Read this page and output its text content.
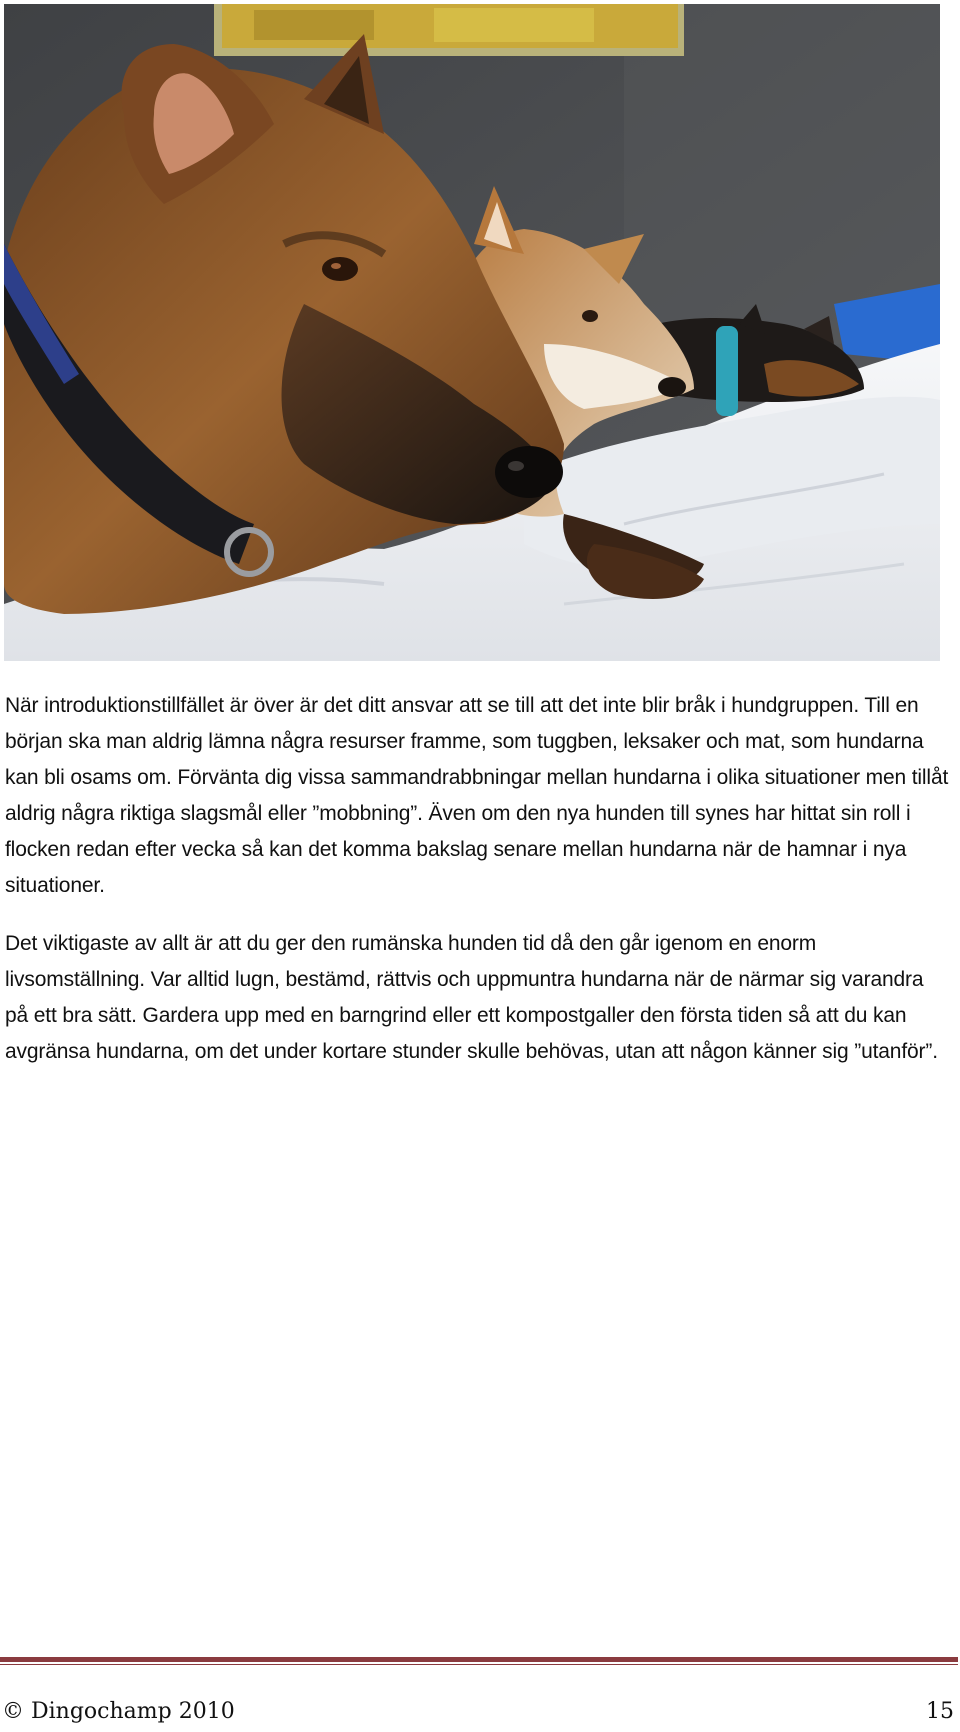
När introduktionstillfället är över är det ditt ansvar att se till att det inte blir bråk i hundgruppen. Till en början ska man aldrig lämna några resurser framme, som tuggben, leksaker och mat, som hundarna kan bli osams om. Förvänta dig vissa sammandrabbningar mellan hundarna i olika situationer men tillåt aldrig några riktiga slagsmål eller ”mobbning”. Även om den nya hunden till synes har hittat sin roll i flocken redan efter vecka så kan det komma bakslag senare mellan hundarna när de hamnar i nya situationer.

Det viktigaste av allt är att du ger den rumänska hunden tid då den går igenom en enorm livsomställning. Var alltid lugn, bestämd, rättvis och uppmuntra hundarna när de närmar sig varandra på ett bra sätt. Gardera upp med en barngrind eller ett kompostgaller den första tiden så att du kan avgränsa hundarna, om det under kortare stunder skulle behövas, utan att någon känner sig ”utanför”.

© Dingochamp 2010	15
